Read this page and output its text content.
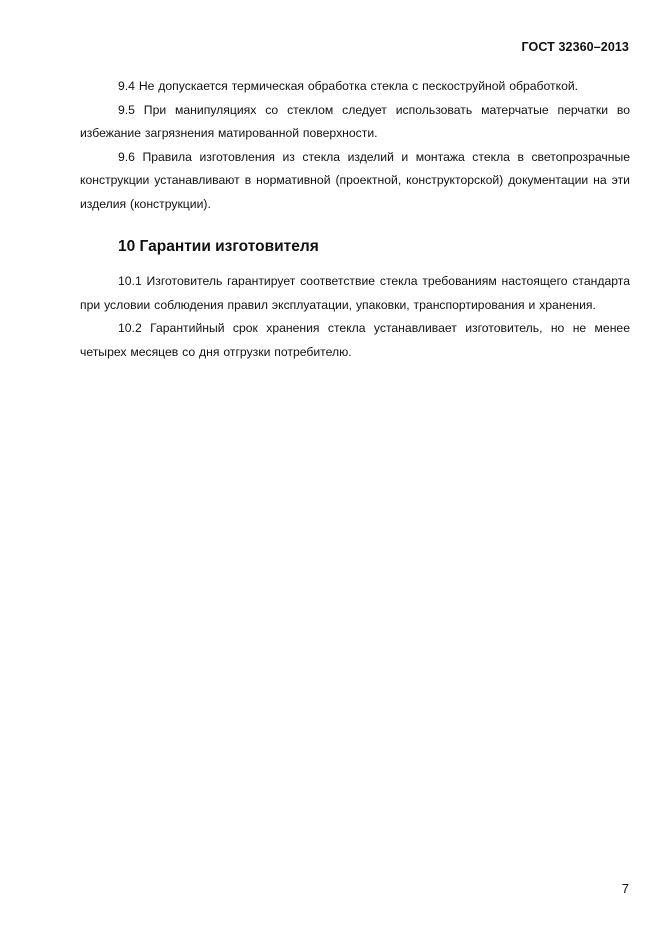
ГОСТ 32360–2013

9.4 Не допускается термическая обработка стекла с пескоструйной обработкой.

9.5 При манипуляциях со стеклом следует использовать матерчатые перчатки во избежание загрязнения матированной поверхности.

9.6 Правила изготовления из стекла изделий и монтажа стекла в светопрозрачные конструкции устанавливают в нормативной (проектной, конструкторской) документации на эти изделия (конструкции).

10 Гарантии изготовителя

10.1 Изготовитель гарантирует соответствие стекла требованиям настоящего стандарта при условии соблюдения правил эксплуатации, упаковки, транспортирования и хранения.

10.2 Гарантийный срок хранения стекла устанавливает изготовитель, но не менее четырех месяцев со дня отгрузки потребителю.

7
